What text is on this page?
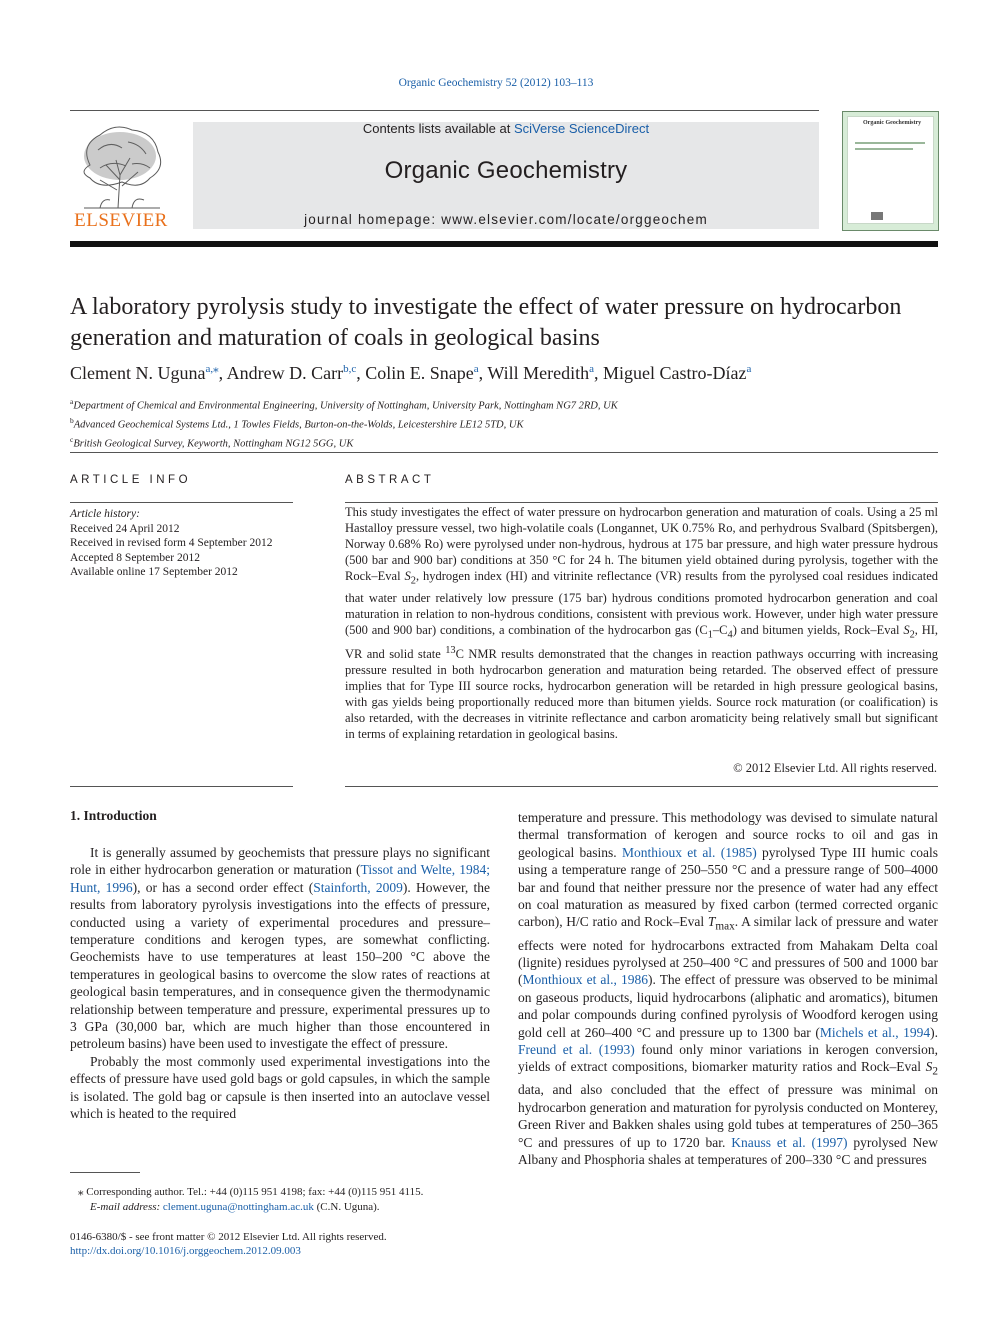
Organic Geochemistry 52 (2012) 103–113
ELSEVIER
Contents lists available at SciVerse ScienceDirect
Organic Geochemistry
journal homepage: www.elsevier.com/locate/orggeochem
Organic Geochemistry
A laboratory pyrolysis study to investigate the effect of water pressure on hydrocarbon generation and maturation of coals in geological basins
Clement N. Uguna$^{a,⁎}$, Andrew D. Carr$^{b,c}$, Colin E. Snape$^a$, Will Meredith$^a$, Miguel Castro-Díaz$^a$
$^a$Department of Chemical and Environmental Engineering, University of Nottingham, University Park, Nottingham NG7 2RD, UK
$^b$Advanced Geochemical Systems Ltd., 1 Towles Fields, Burton-on-the-Wolds, Leicestershire LE12 5TD, UK
$^c$British Geological Survey, Keyworth, Nottingham NG12 5GG, UK
ARTICLE INFO
Article history:
Received 24 April 2012
Received in revised form 4 September 2012
Accepted 8 September 2012
Available online 17 September 2012
ABSTRACT
This study investigates the effect of water pressure on hydrocarbon generation and maturation of coals. Using a 25 ml Hastalloy pressure vessel, two high-volatile coals (Longannet, UK 0.75% Ro, and perhydrous Svalbard (Spitsbergen), Norway 0.68% Ro) were pyrolysed under non-hydrous, hydrous at 175 bar pressure, and high water pressure hydrous (500 bar and 900 bar) conditions at 350 °C for 24 h. The bitumen yield obtained during pyrolysis, together with the Rock–Eval $S_2$, hydrogen index (HI) and vitrinite reflectance (VR) results from the pyrolysed coal residues indicated that water under relatively low pressure (175 bar) hydrous conditions promoted hydrocarbon generation and coal maturation in relation to non-hydrous conditions, consistent with previous work. However, under high water pressure (500 and 900 bar) conditions, a combination of the hydrocarbon gas $(C_1-C_4)$ and bitumen yields, Rock–Eval $S_2$, HI, VR and solid state $^{13}$C NMR results demonstrated that the changes in reaction pathways occurring with increasing pressure resulted in both hydrocarbon generation and maturation being retarded. The observed effect of pressure implies that for Type III source rocks, hydrocarbon generation will be retarded in high pressure geological basins, with gas yields being proportionally reduced more than bitumen yields. Source rock maturation (or coalification) is also retarded, with the decreases in vitrinite reflectance and carbon aromaticity being relatively small but significant in terms of explaining retardation in geological basins.
© 2012 Elsevier Ltd. All rights reserved.
1. Introduction

It is generally assumed by geochemists that pressure plays no significant role in either hydrocarbon generation or maturation (Tissot and Welte, 1984; Hunt, 1996), or has a second order effect (Stainforth, 2009). However, the results from laboratory pyrolysis investigations into the effects of pressure, conducted using a variety of experimental procedures and pressure–temperature conditions and kerogen types, are somewhat conflicting. Geochemists have to use temperatures at least 150–200 °C above the temperatures in geological basins to overcome the slow rates of reactions at geological basin temperatures, and in consequence given the thermodynamic relationship between temperature and pressure, experimental pressures up to 3 GPa (30,000 bar, which are much higher than those encountered in petroleum basins) have been used to investigate the effect of pressure.

Probably the most commonly used experimental investigations into the effects of pressure have used gold bags or gold capsules, in which the sample is isolated. The gold bag or capsule is then inserted into an autoclave vessel which is heated to the required

temperature and pressure. This methodology was devised to simulate natural thermal transformation of kerogen and source rocks to oil and gas in geological basins. Monthioux et al. (1985) pyrolysed Type III humic coals using a temperature range of 250–550 °C and a pressure range of 500–4000 bar and found that neither pressure nor the presence of water had any effect on coal maturation as measured by fixed carbon (termed corrected organic carbon), H/C ratio and Rock–Eval $T_{max}$. A similar lack of pressure and water effects were noted for hydrocarbons extracted from Mahakam Delta coal (lignite) residues pyrolysed at 250–400 °C and pressures of 500 and 1000 bar (Monthioux et al., 1986). The effect of pressure was observed to be minimal on gaseous products, liquid hydrocarbons (aliphatic and aromatics), bitumen and polar compounds during confined pyrolysis of Woodford kerogen using gold cell at 260–400 °C and pressure up to 1300 bar (Michels et al., 1994). Freund et al. (1993) found only minor variations in kerogen conversion, yields of extract compositions, biomarker maturity ratios and Rock–Eval $S_2$ data, and also concluded that the effect of pressure was minimal on hydrocarbon generation and maturation for pyrolysis conducted on Monterey, Green River and Bakken shales using gold tubes at temperatures of 250–365 °C and pressures of up to 1720 bar. Knauss et al. (1997) pyrolysed New Albany and Phosphoria shales at temperatures of 200–330 °C and pressures

⁎ Corresponding author. Tel.: +44 (0)115 951 4198; fax: +44 (0)115 951 4115.
E-mail address: clement.uguna@nottingham.ac.uk (C.N. Uguna).
0146-6380/$ - see front matter © 2012 Elsevier Ltd. All rights reserved.
http://dx.doi.org/10.1016/j.orggeochem.2012.09.003
